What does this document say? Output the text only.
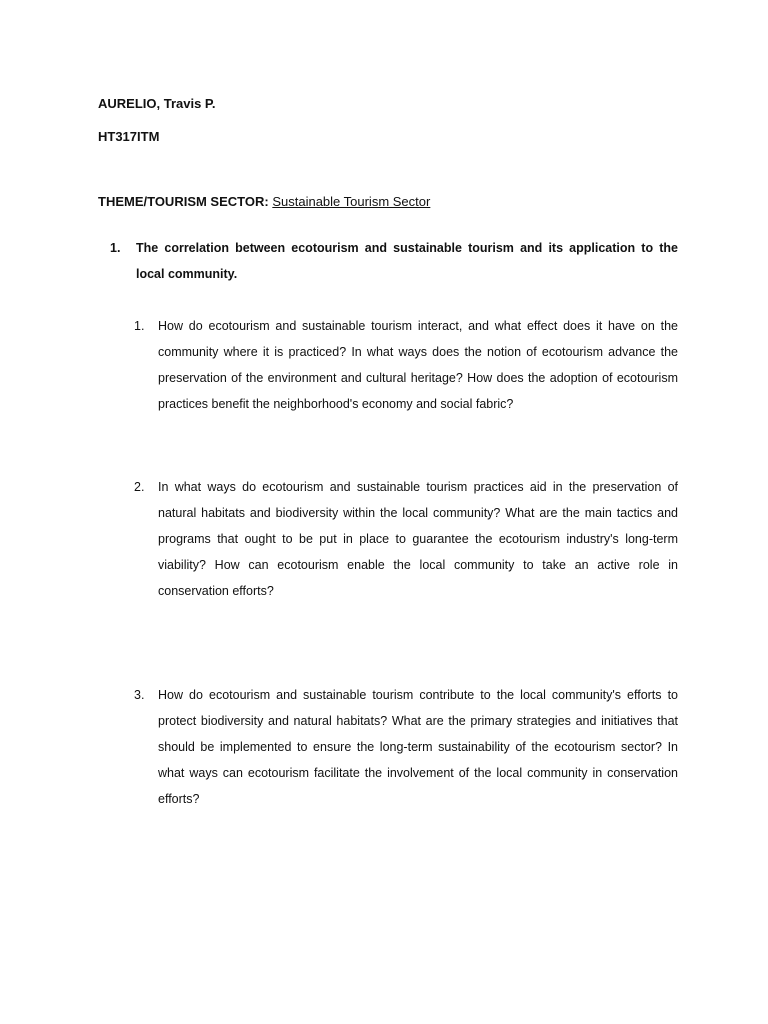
AURELIO, Travis P.
HT317ITM
THEME/TOURISM SECTOR: Sustainable Tourism Sector
1. The correlation between ecotourism and sustainable tourism and its application to the local community.
1. How do ecotourism and sustainable tourism interact, and what effect does it have on the community where it is practiced? In what ways does the notion of ecotourism advance the preservation of the environment and cultural heritage? How does the adoption of ecotourism practices benefit the neighborhood's economy and social fabric?
2. In what ways do ecotourism and sustainable tourism practices aid in the preservation of natural habitats and biodiversity within the local community? What are the main tactics and programs that ought to be put in place to guarantee the ecotourism industry's long-term viability? How can ecotourism enable the local community to take an active role in conservation efforts?
3. How do ecotourism and sustainable tourism contribute to the local community's efforts to protect biodiversity and natural habitats? What are the primary strategies and initiatives that should be implemented to ensure the long-term sustainability of the ecotourism sector? In what ways can ecotourism facilitate the involvement of the local community in conservation efforts?
